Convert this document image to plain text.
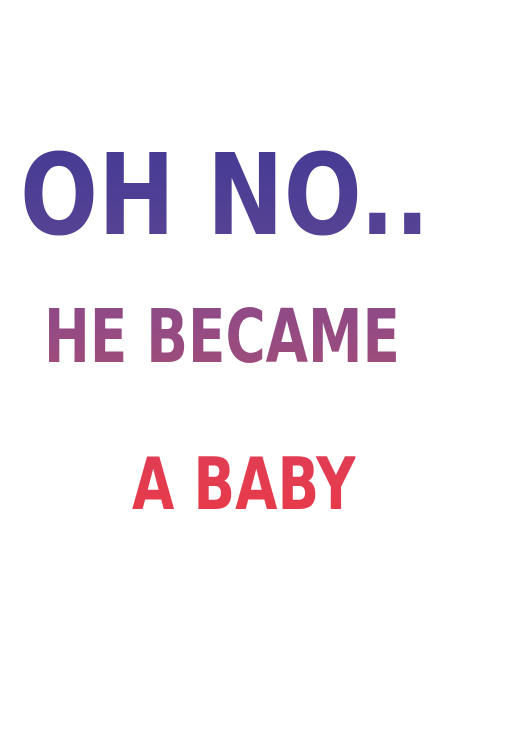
OH NO..
HE BECAME
A BABY
